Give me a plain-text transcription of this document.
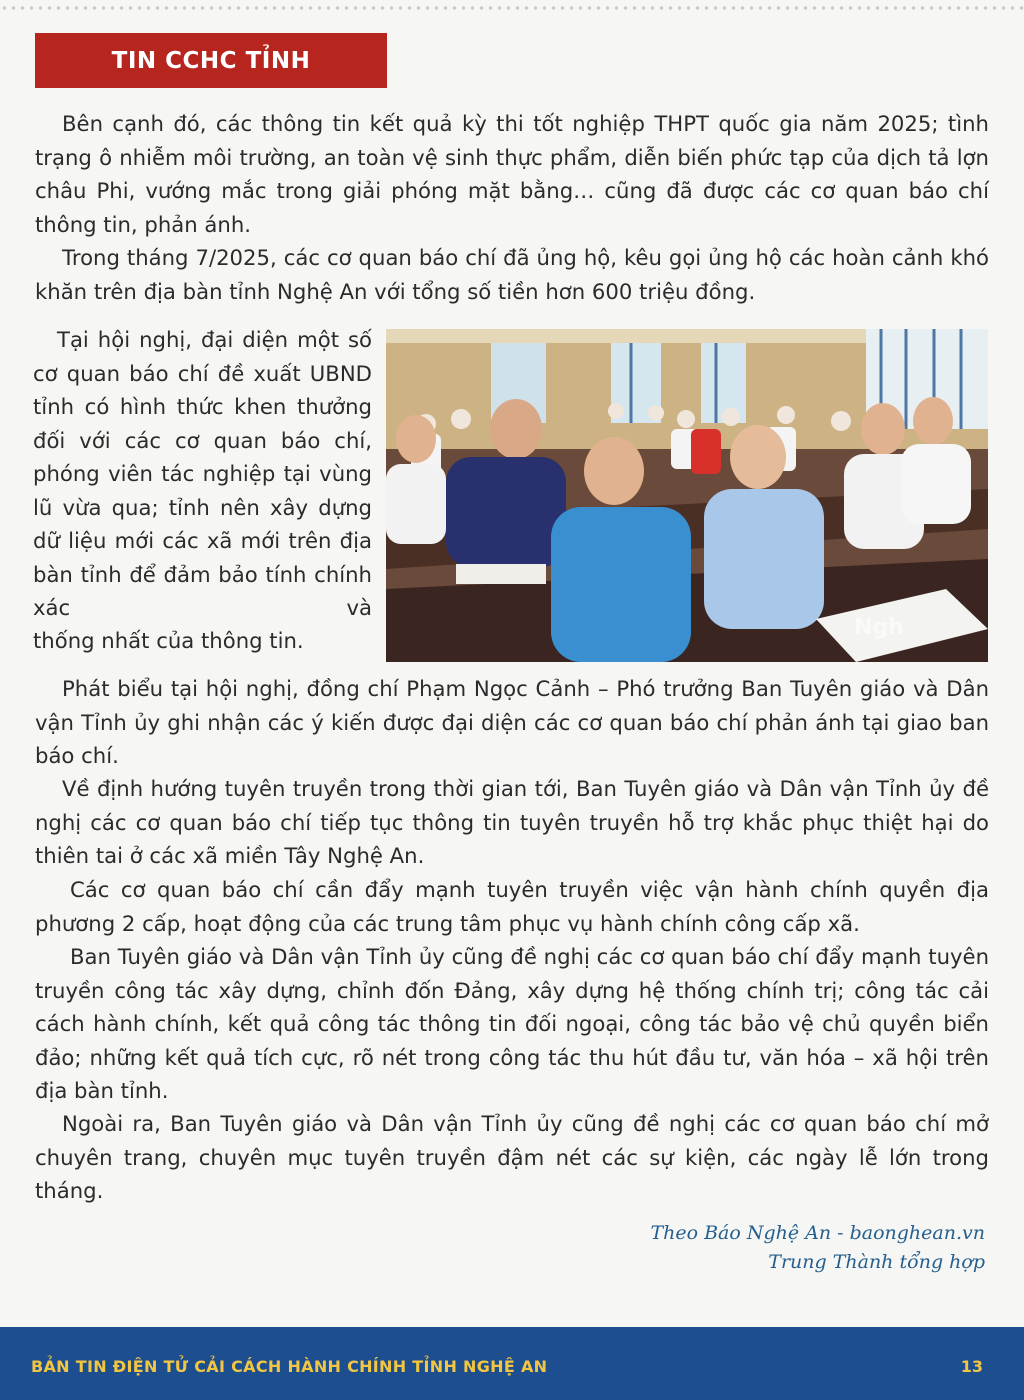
TIN CCHC TỈNH

Bên cạnh đó, các thông tin kết quả kỳ thi tốt nghiệp THPT quốc gia năm 2025; tình trạng ô nhiễm môi trường, an toàn vệ sinh thực phẩm, diễn biến phức tạp của dịch tả lợn châu Phi, vướng mắc trong giải phóng mặt bằng… cũng đã được các cơ quan báo chí thông tin, phản ánh.

Trong tháng 7/2025, các cơ quan báo chí đã ủng hộ, kêu gọi ủng hộ các hoàn cảnh khó khăn trên địa bàn tỉnh Nghệ An với tổng số tiền hơn 600 triệu đồng.

Tại hội nghị, đại diện một số cơ quan báo chí đề xuất UBND tỉnh có hình thức khen thưởng đối với các cơ quan báo chí, phóng viên tác nghiệp tại vùng lũ vừa qua; tỉnh nên xây dựng dữ liệu mới các xã mới trên địa bàn tỉnh để đảm bảo tính chính xác và

thống nhất của thông tin.
Ngh

Phát biểu tại hội nghị, đồng chí Phạm Ngọc Cảnh – Phó trưởng Ban Tuyên giáo và Dân vận Tỉnh ủy ghi nhận các ý kiến được đại diện các cơ quan báo chí phản ánh tại giao ban báo chí.

Về định hướng tuyên truyền trong thời gian tới, Ban Tuyên giáo và Dân vận Tỉnh ủy đề nghị các cơ quan báo chí tiếp tục thông tin tuyên truyền hỗ trợ khắc phục thiệt hại do thiên tai ở các xã miền Tây Nghệ An.

Các cơ quan báo chí cần đẩy mạnh tuyên truyền việc vận hành chính quyền địa phương 2 cấp, hoạt động của các trung tâm phục vụ hành chính công cấp xã.

Ban Tuyên giáo và Dân vận Tỉnh ủy cũng đề nghị các cơ quan báo chí đẩy mạnh tuyên truyền công tác xây dựng, chỉnh đốn Đảng, xây dựng hệ thống chính trị; công tác cải cách hành chính, kết quả công tác thông tin đối ngoại, công tác bảo vệ chủ quyền biển đảo; những kết quả tích cực, rõ nét trong công tác thu hút đầu tư, văn hóa – xã hội trên địa bàn tỉnh.

Ngoài ra, Ban Tuyên giáo và Dân vận Tỉnh ủy cũng đề nghị các cơ quan báo chí mở chuyên trang, chuyên mục tuyên truyền đậm nét các sự kiện, các ngày lễ lớn trong tháng.

Theo Báo Nghệ An - baonghean.vn
Trung Thành tổng hợp
BẢN TIN ĐIỆN TỬ CẢI CÁCH HÀNH CHÍNH TỈNH NGHỆ AN	13
